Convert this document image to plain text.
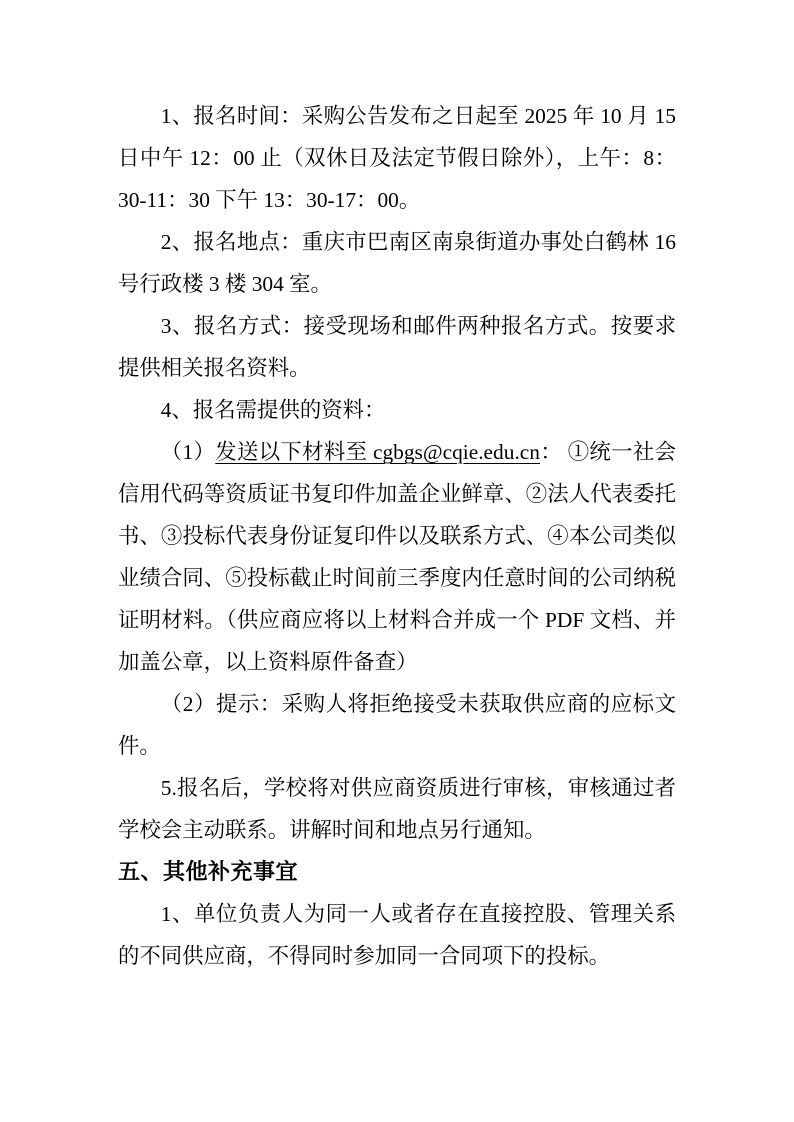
1、报名时间：采购公告发布之日起至 2025 年 10 月 15 日中午 12：00 止（双休日及法定节假日除外），上午：8：30-11：30 下午 13：30-17：00。

2、报名地点：重庆市巴南区南泉街道办事处白鹤林 16 号行政楼 3 楼 304 室。

3、报名方式：接受现场和邮件两种报名方式。按要求提供相关报名资料。

4、报名需提供的资料：

（1）发送以下材料至 cgbgs@cqie.edu.cn： ①统一社会信用代码等资质证书复印件加盖企业鲜章、②法人代表委托书、③投标代表身份证复印件以及联系方式、④本公司类似业绩合同、⑤投标截止时间前三季度内任意时间的公司纳税证明材料。（供应商应将以上材料合并成一个 PDF 文档、并加盖公章，以上资料原件备查）

（2）提示：采购人将拒绝接受未获取供应商的应标文件。

5.报名后，学校将对供应商资质进行审核，审核通过者学校会主动联系。讲解时间和地点另行通知。

五、其他补充事宜

1、单位负责人为同一人或者存在直接控股、管理关系的不同供应商，不得同时参加同一合同项下的投标。
